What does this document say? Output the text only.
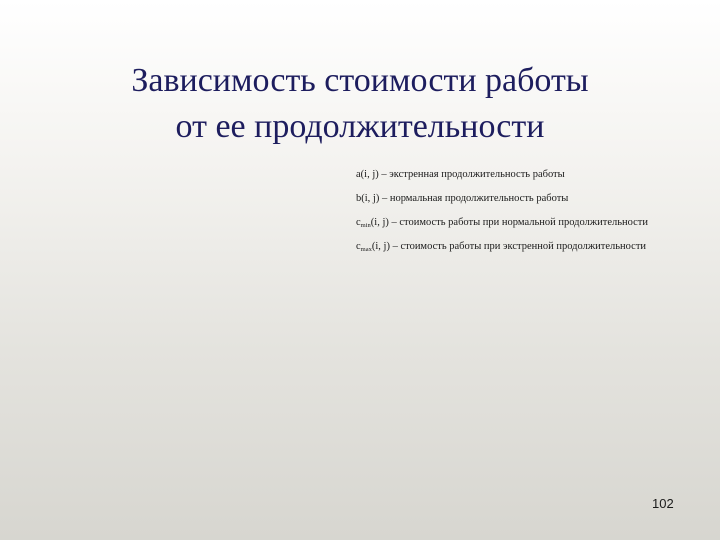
Зависимость стоимости работы
от ее продолжительности
a(i, j) – экстренная продолжительность работы
b(i, j) – нормальная продолжительность работы
$c_{min}(i$, j) – стоимость работы при нормальной продолжительности
$c_{max}(i$, j) – стоимость работы при экстренной продолжительности
102
